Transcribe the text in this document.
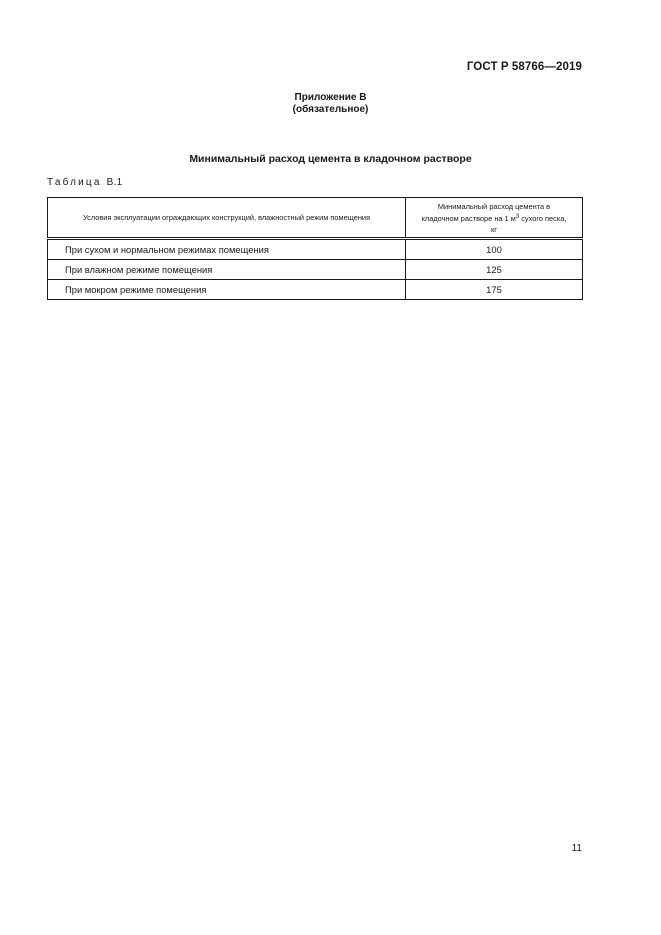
ГОСТ Р 58766—2019
Приложение В
(обязательное)
Минимальный расход цемента в кладочном растворе
Таблица В.1
Условия эксплуатации ограждающих конструкций, влажностный режим помещения	Минимальный расход цемента в кладочном растворе на 1 $м^3$ сухого песка, кг
При сухом и нормальном режимах помещения	100
При влажном режиме помещения	125
При мокром режиме помещения	175
11
